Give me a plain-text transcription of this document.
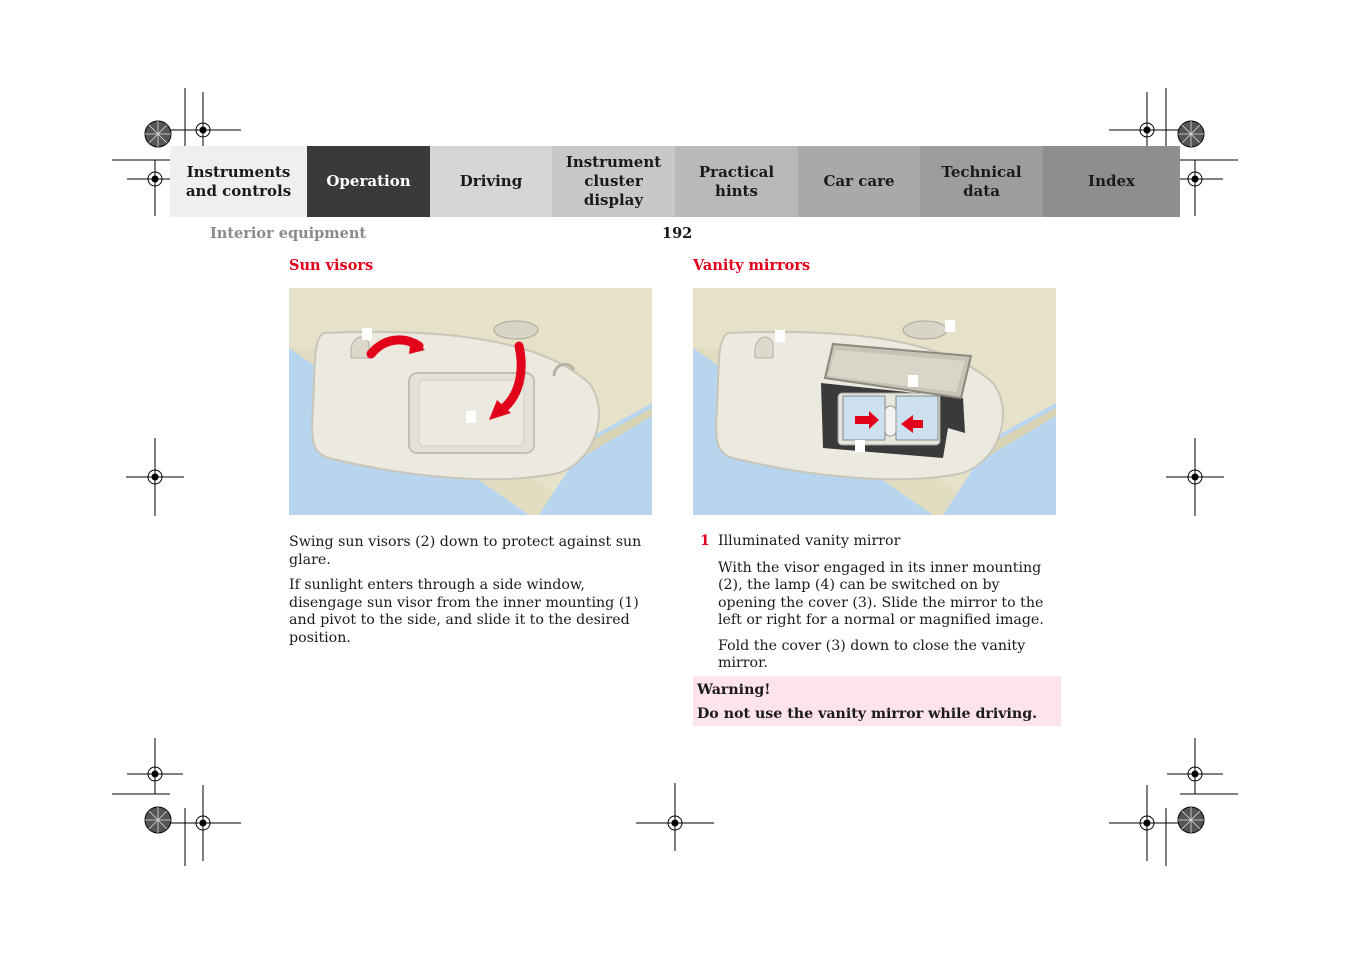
Instruments
and controls
Operation	Driving
Instrument
cluster display
Practical hints
Car care
Technical
data
Index
Interior equipment	192
Sun visors

Swing sun visors (2) down to protect against sun glare.

If sunlight enters through a side window, disengage sun visor from the inner mounting (1) and pivot to the side, and slide it to the desired position.

Vanity mirrors
1 Illuminated vanity mirror

With the visor engaged in its inner mounting (2), the lamp (4) can be switched on by opening the cover (3). Slide the mirror to the left or right for a normal or magnified image.

Fold the cover (3) down to close the vanity mirror.

Warning!
Do not use the vanity mirror while driving.
